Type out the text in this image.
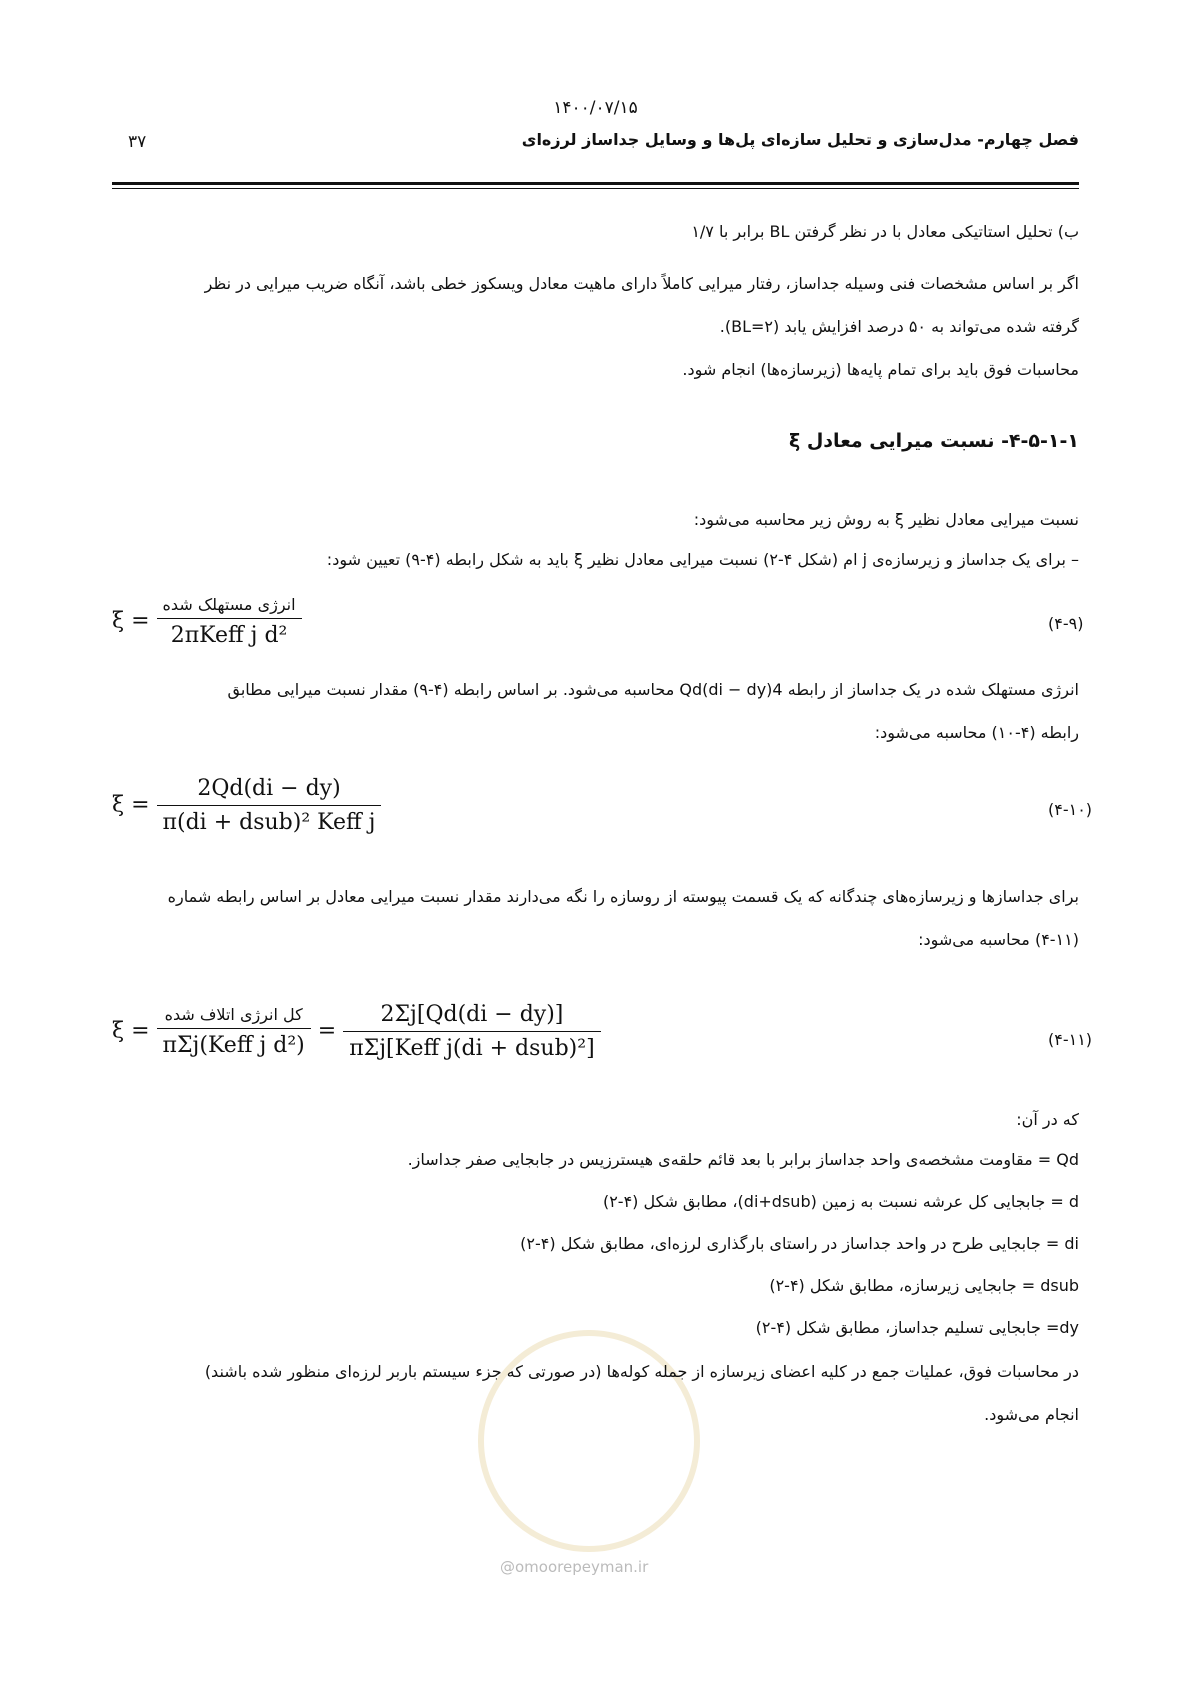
۱۴۰۰/۰۷/۱۵
۳۷	فصل چهارم- مدل‌سازی و تحلیل سازه‌ای پل‌ها و وسایل جداساز لرزه‌ای
ب) تحلیل استاتیکی معادل با در نظر گرفتن BL برابر با ۱/۷
اگر بر اساس مشخصات فنی وسیله جداساز، رفتار میرایی کاملاً دارای ماهیت معادل ویسکوز خطی باشد، آنگاه ضریب میرایی در نظر
گرفته شده می‌تواند به ۵۰ درصد افزایش یابد (BL=۲).
محاسبات فوق باید برای تمام پایه‌ها (زیرسازه‌ها) انجام شود.
۴-۵-۱-۱- نسبت میرایی معادل ξ
نسبت میرایی معادل نظیر ξ به روش زیر محاسبه می‌شود:
– برای یک جداساز و زیرسازه‌ی j ام (شکل ۴-۲) نسبت میرایی معادل نظیر ξ باید به شکل رابطه (۴-۹) تعیین شود:
$\xi = \frac{\text{انرژی مستهلک شده}}{\text{2πKeff j d²}}$	(۴-۹)
انرژی مستهلک شده در یک جداساز از رابطه 4(di − dy)Qd محاسبه می‌شود. بر اساس رابطه (۴-۹) مقدار نسبت میرایی مطابق
رابطه (۴-۱۰) محاسبه می‌شود:
$\xi = \frac{2Qd(di - dy)}{\text{π(di + dsub)² Keff j}}$	(۴-۱۰)
برای جداسازها و زیرسازه‌های چندگانه که یک قسمت پیوسته از روسازه را نگه می‌دارند مقدار نسبت میرایی معادل بر اساس رابطه شماره
(۴-۱۱) محاسبه می‌شود:
$\xi = \frac{\text{کل انرژی اتلاف شده}}{\text{πΣj(Keff j d²)}} = \frac{2\Sigma j[Qd(di - dy)]}{\text{πΣj[Keff j(di + dsub)²]}}$	(۴-۱۱)
که در آن:
Qd = مقاومت مشخصه‌ی واحد جداساز برابر با بعد قائم حلقه‌ی هیسترزیس در جابجایی صفر جداساز.
d = جابجایی کل عرشه نسبت به زمین (di+dsub)، مطابق شکل (۴-۲)
di = جابجایی طرح در واحد جداساز در راستای بارگذاری لرزه‌ای، مطابق شکل (۴-۲)
dsub = جابجایی زیرسازه، مطابق شکل (۴-۲)
dy= جابجایی تسلیم جداساز، مطابق شکل (۴-۲)
در محاسبات فوق، عملیات جمع در کلیه اعضای زیرسازه از جمله کوله‌ها (در صورتی که جزء سیستم باربر لرزه‌ای منظور شده باشند)
انجام می‌شود.
@omoorepeyman.ir
